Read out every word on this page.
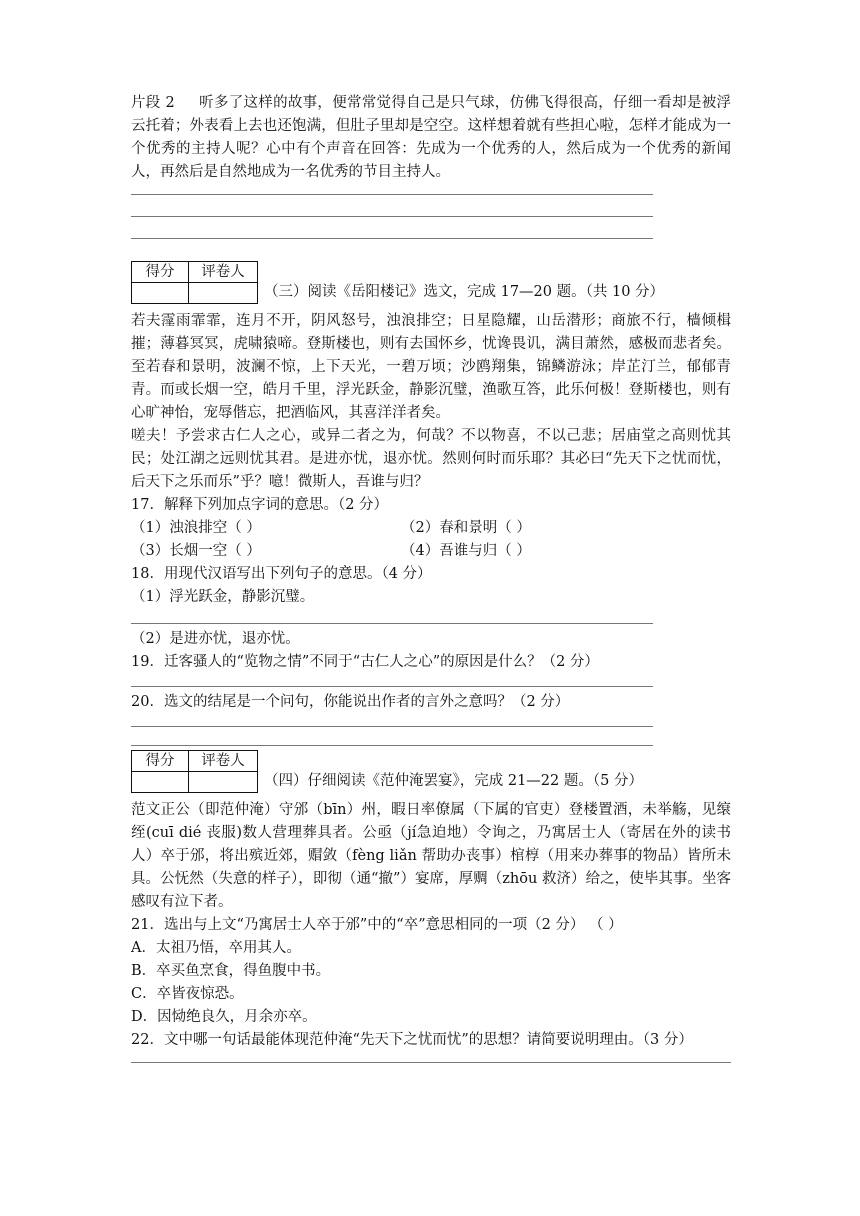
片段 2 听多了这样的故事，便常常觉得自己是只气球，仿佛飞得很高，仔细一看却是被浮云托着；外表看上去也还饱满，但肚子里却是空空。这样想着就有些担心啦，怎样才能成为一个优秀的主持人呢？心中有个声音在回答：先成为一个优秀的人，然后成为一个优秀的新闻人，再然后是自然地成为一名优秀的节目主持人。

得分	评卷人

（三）阅读《岳阳楼记》选文，完成 17—20 题。（共 10 分）

若夫霪雨霏霏，连月不开，阴风怒号，浊浪排空；日星隐耀，山岳潜形；商旅不行，樯倾楫摧；薄暮冥冥，虎啸猿啼。登斯楼也，则有去国怀乡，忧谗畏讥，满目萧然，感极而悲者矣。至若春和景明，波澜不惊，上下天光，一碧万顷；沙鸥翔集，锦鳞游泳；岸芷汀兰，郁郁青青。而或长烟一空，皓月千里，浮光跃金，静影沉璧，渔歌互答，此乐何极！登斯楼也，则有心旷神怡，宠辱偕忘，把酒临风，其喜洋洋者矣。

嗟夫！予尝求古仁人之心，或异二者之为，何哉？不以物喜，不以己悲；居庙堂之高则忧其民；处江湖之远则忧其君。是进亦忧，退亦忧。然则何时而乐耶？其必曰“先天下之忧而忧，后天下之乐而乐”乎？噫！微斯人，吾谁与归？

17．解释下列加点字词的意思。（2 分）

（1）浊浪排空（ ）	（2）春和景明（ ）
（3）长烟一空（ ）	（4）吾谁与归（ ）

18．用现代汉语写出下列句子的意思。（4 分）

（1）浮光跃金，静影沉璧。

（2）是进亦忧，退亦忧。

19．迁客骚人的“览物之情”不同于“古仁人之心”的原因是什么？（2 分）

20．选文的结尾是一个问句，你能说出作者的言外之意吗？（2 分）

得分	评卷人

（四）仔细阅读《范仲淹罢宴》，完成 21—22 题。（5 分）

范文正公（即范仲淹）守邠（bīn）州，暇日率僚属（下属的官吏）登楼置酒，未举觞，见缞绖(cuī dié 丧服)数人营理葬具者。公亟（jí急迫地）令询之，乃寓居士人（寄居在外的读书人）卒于邠，将出殡近郊，赗敛（fèng liǎn 帮助办丧事）棺椁（用来办葬事的物品）皆所未具。公怃然（失意的样子），即彻（通“撤”）宴席，厚赒（zhōu 救济）给之，使毕其事。坐客感叹有泣下者。

21．选出与上文“乃寓居士人卒于邠”中的“卒”意思相同的一项（2 分） （ ）

A．太祖乃悟，卒用其人。

B．卒买鱼烹食，得鱼腹中书。

C．卒皆夜惊恐。

D．因恸绝良久，月余亦卒。

22．文中哪一句话最能体现范仲淹“先天下之忧而忧”的思想？请简要说明理由。（3 分）
